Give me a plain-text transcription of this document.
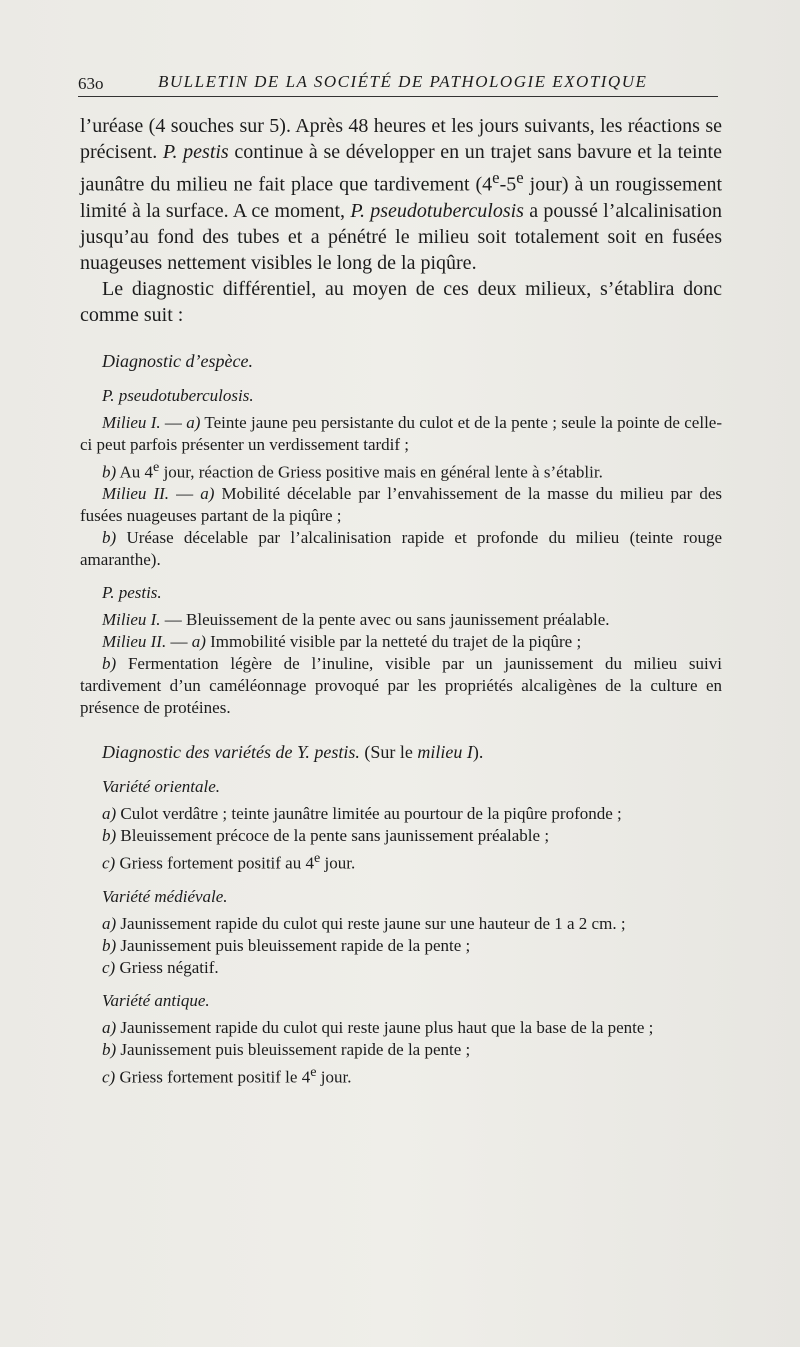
63o	BULLETIN DE LA SOCIÉTÉ DE PATHOLOGIE EXOTIQUE

l’uréase (4 souches sur 5). Après 48 heures et les jours suivants, les réactions se précisent. P. pestis continue à se développer en un trajet sans bavure et la teinte jaunâtre du milieu ne fait place que tardivement (4e-5e jour) à un rougissement limité à la surface. A ce moment, P. pseudotuberculosis a poussé l’alcalinisation jusqu’au fond des tubes et a pénétré le milieu soit totalement soit en fusées nuageuses nettement visibles le long de la piqûre.

Le diagnostic différentiel, au moyen de ces deux milieux, s’établira donc comme suit :

Diagnostic d’espèce.

P. pseudotuberculosis.

Milieu I. — a) Teinte jaune peu persistante du culot et de la pente ; seule la pointe de celle-ci peut parfois présenter un verdissement tardif ;

b) Au 4e jour, réaction de Griess positive mais en général lente à s’établir.

Milieu II. — a) Mobilité décelable par l’envahissement de la masse du milieu par des fusées nuageuses partant de la piqûre ;

b) Uréase décelable par l’alcalinisation rapide et profonde du milieu (teinte rouge amaranthe).

P. pestis.

Milieu I. — Bleuissement de la pente avec ou sans jaunissement préalable.

Milieu II. — a) Immobilité visible par la netteté du trajet de la piqûre ;

b) Fermentation légère de l’inuline, visible par un jaunissement du milieu suivi tardivement d’un caméléonnage provoqué par les propriétés alcaligènes de la culture en présence de protéines.

Diagnostic des variétés de Y. pestis. (Sur le milieu I).

Variété orientale.

a) Culot verdâtre ; teinte jaunâtre limitée au pourtour de la piqûre profonde ;

b) Bleuissement précoce de la pente sans jaunissement préalable ;

c) Griess fortement positif au 4e jour.

Variété médiévale.

a) Jaunissement rapide du culot qui reste jaune sur une hauteur de 1 a 2 cm. ;

b) Jaunissement puis bleuissement rapide de la pente ;

c) Griess négatif.

Variété antique.

a) Jaunissement rapide du culot qui reste jaune plus haut que la base de la pente ;

b) Jaunissement puis bleuissement rapide de la pente ;

c) Griess fortement positif le 4e jour.
